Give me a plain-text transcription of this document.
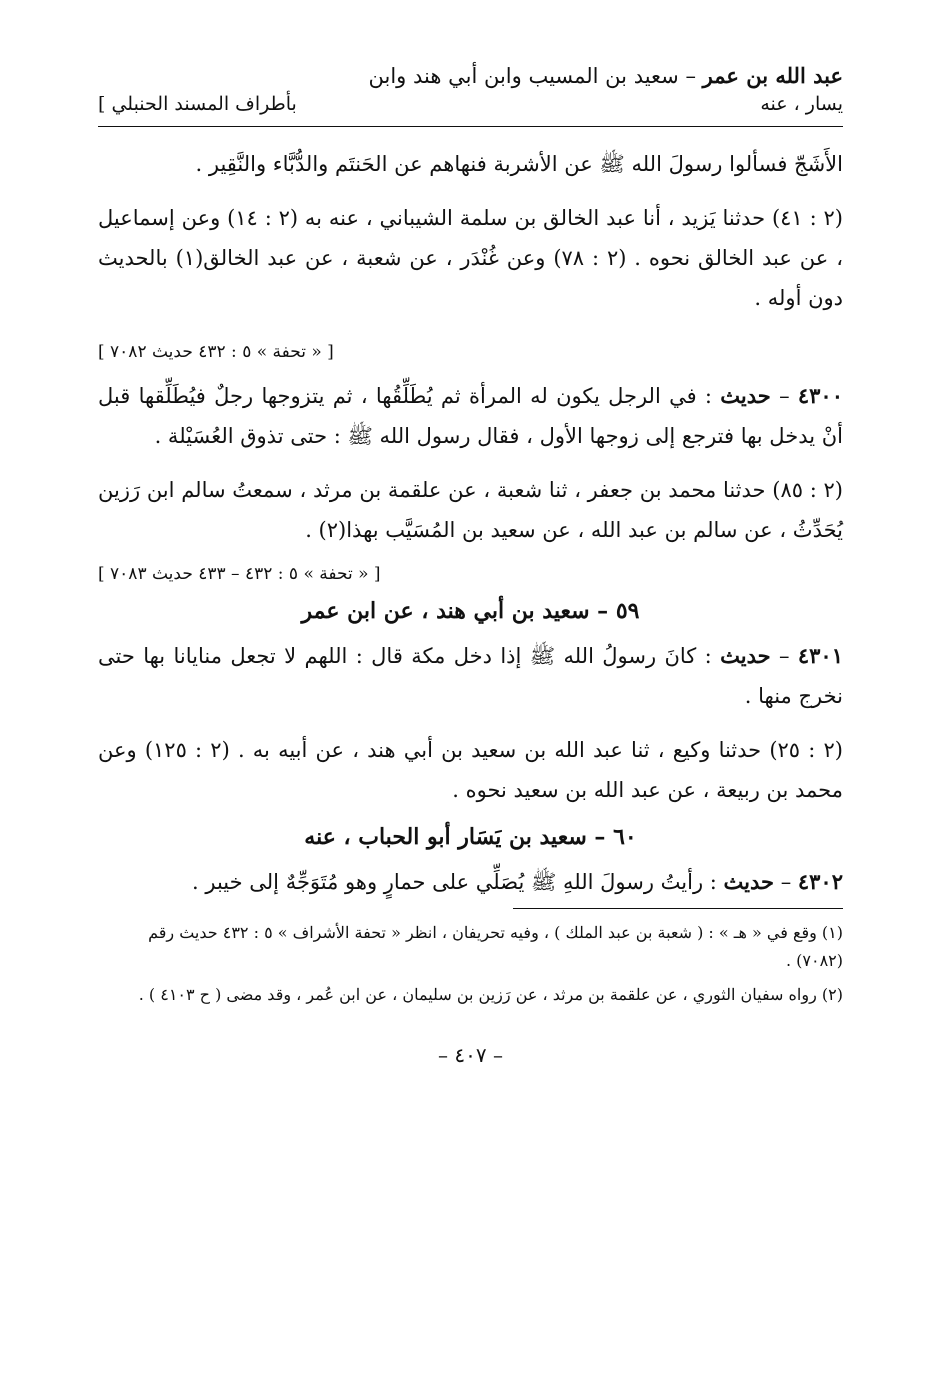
عبد الله بن عمر – سعيد بن المسيب وابن أبي هند وابن
يسار ، عنه
بأطراف المسند الحنبلي ]

الأَشَجّ فسألوا رسولَ الله ﷺ عن الأشربة فنهاهم عن الحَنتَم والدُّبَّاء والنَّقِير .

(٢ : ٤١) حدثنا يَزيد ، أنا عبد الخالق بن سلمة الشيباني ، عنه به (٢ : ١٤) وعن إسماعيل ، عن عبد الخالق نحوه . (٢ : ٧٨) وعن غُنْدَر ، عن شعبة ، عن عبد الخالق(١) بالحديث دون أوله .

[ « تحفة » ٥ : ٤٣٢ حديث ٧٠٨٢ ]

٤٣٠٠ – حديث : في الرجل يكون له المرأة ثم يُطَلِّقُها ، ثم يتزوجها رجلٌ فيُطَلِّقها قبل أنْ يدخل بها فترجع إلى زوجها الأول ، فقال رسول الله ﷺ : حتى تذوق العُسَيْلة .

(٢ : ٨٥) حدثنا محمد بن جعفر ، ثنا شعبة ، عن علقمة بن مرثد ، سمعتُ سالم ابن رَزين يُحَدِّثُ ، عن سالم بن عبد الله ، عن سعيد بن المُسَيَّب بهذا(٢) .

[ « تحفة » ٥ : ٤٣٢ – ٤٣٣ حديث ٧٠٨٣ ]

٥٩ – سعيد بن أبي هند ، عن ابن عمر

٤٣٠١ – حديث : كانَ رسولُ الله ﷺ إذا دخل مكة قال : اللهم لا تجعل منايانا بها حتى نخرج منها .

(٢ : ٢٥) حدثنا وكيع ، ثنا عبد الله بن سعيد بن أبي هند ، عن أبيه به . (٢ : ١٢٥) وعن محمد بن ربيعة ، عن عبد الله بن سعيد نحوه .

٦٠ – سعيد بن يَسَار أبو الحباب ، عنه

٤٣٠٢ – حديث : رأيتُ رسولَ اللهِ ﷺ يُصَلِّي على حمارٍ وهو مُتَوَجِّهٌ إلى خيبر .

(١) وقع في « هـ » : ( شعبة بن عبد الملك ) ، وفيه تحريفان ، انظر « تحفة الأشراف » ٥ : ٤٣٢ حديث رقم (٧٠٨٢) .

(٢) رواه سفيان الثوري ، عن علقمة بن مرثد ، عن رَزين بن سليمان ، عن ابن عُمر ، وقد مضى ( ح ٤١٠٣ ) .

– ٤٠٧ –
